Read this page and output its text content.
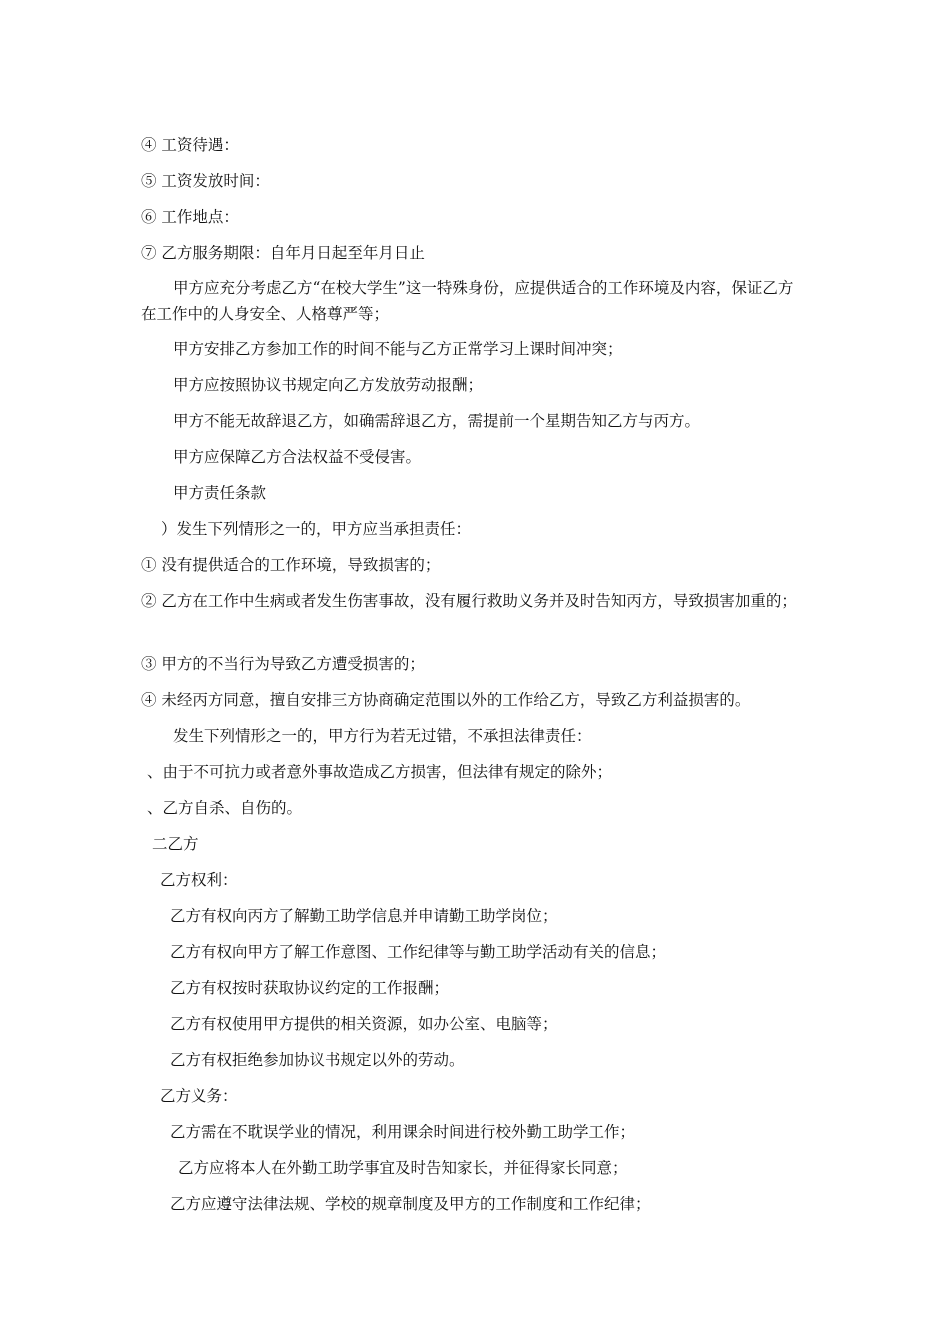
④ 工资待遇：
⑤ 工资发放时间：
⑥ 工作地点：
⑦ 乙方服务期限：自年月日起至年月日止
甲方应充分考虑乙方“在校大学生”这一特殊身份，应提供适合的工作环境及内容，保证乙方在工作中的人身安全、人格尊严等；
甲方安排乙方参加工作的时间不能与乙方正常学习上课时间冲突；
甲方应按照协议书规定向乙方发放劳动报酬；
甲方不能无故辞退乙方，如确需辞退乙方，需提前一个星期告知乙方与丙方。
甲方应保障乙方合法权益不受侵害。
甲方责任条款
）发生下列情形之一的，甲方应当承担责任：
① 没有提供适合的工作环境，导致损害的；
② 乙方在工作中生病或者发生伤害事故，没有履行救助义务并及时告知丙方，导致损害加重的；
③ 甲方的不当行为导致乙方遭受损害的；
④ 未经丙方同意，擅自安排三方协商确定范围以外的工作给乙方，导致乙方利益损害的。
发生下列情形之一的，甲方行为若无过错，不承担法律责任：
、由于不可抗力或者意外事故造成乙方损害，但法律有规定的除外；
、乙方自杀、自伤的。
二乙方
乙方权利：
乙方有权向丙方了解勤工助学信息并申请勤工助学岗位；
乙方有权向甲方了解工作意图、工作纪律等与勤工助学活动有关的信息；
乙方有权按时获取协议约定的工作报酬；
乙方有权使用甲方提供的相关资源，如办公室、电脑等；
乙方有权拒绝参加协议书规定以外的劳动。
乙方义务：
乙方需在不耽误学业的情况，利用课余时间进行校外勤工助学工作；
乙方应将本人在外勤工助学事宜及时告知家长，并征得家长同意；
乙方应遵守法律法规、学校的规章制度及甲方的工作制度和工作纪律；
